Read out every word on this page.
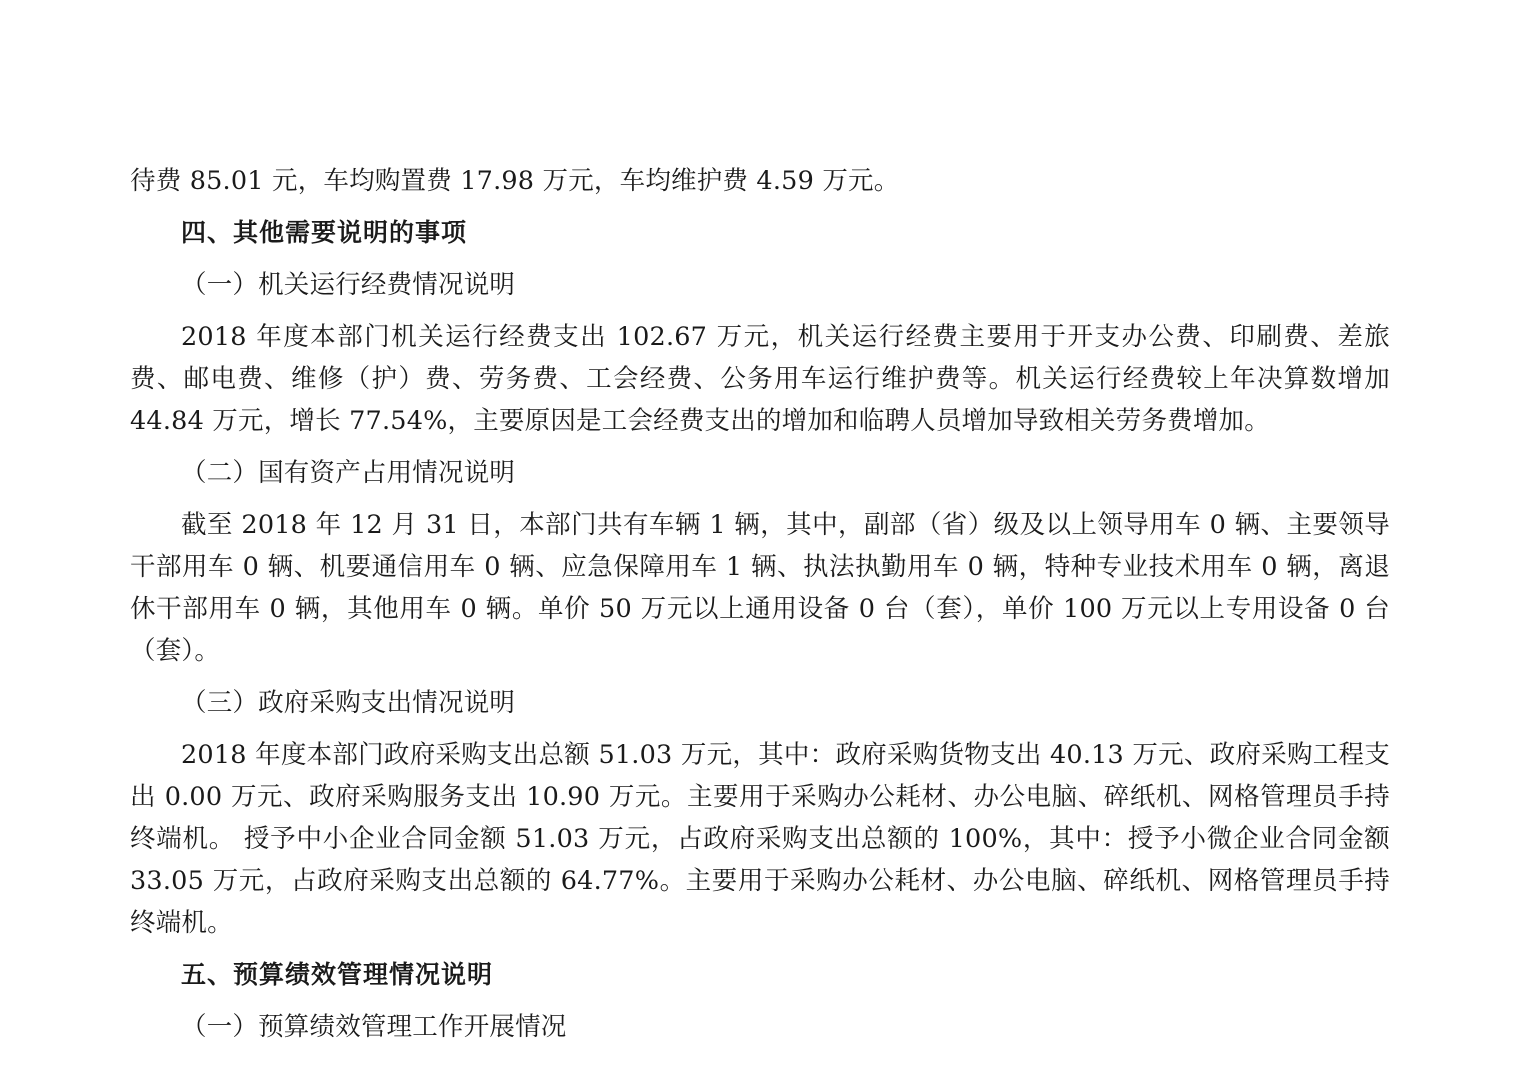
待费 85.01 元，车均购置费 17.98 万元，车均维护费 4.59 万元。

四、其他需要说明的事项

（一）机关运行经费情况说明

2018 年度本部门机关运行经费支出 102.67 万元，机关运行经费主要用于开支办公费、印刷费、差旅费、邮电费、维修（护）费、劳务费、工会经费、公务用车运行维护费等。机关运行经费较上年决算数增加 44.84 万元，增长 77.54%，主要原因是工会经费支出的增加和临聘人员增加导致相关劳务费增加。

（二）国有资产占用情况说明

截至 2018 年 12 月 31 日，本部门共有车辆 1 辆，其中，副部（省）级及以上领导用车 0 辆、主要领导干部用车 0 辆、机要通信用车 0 辆、应急保障用车 1 辆、执法执勤用车 0 辆，特种专业技术用车 0 辆，离退休干部用车 0 辆，其他用车 0 辆。单价 50 万元以上通用设备 0 台（套），单价 100 万元以上专用设备 0 台（套）。

（三）政府采购支出情况说明

2018 年度本部门政府采购支出总额 51.03 万元，其中：政府采购货物支出 40.13 万元、政府采购工程支出 0.00 万元、政府采购服务支出 10.90 万元。主要用于采购办公耗材、办公电脑、碎纸机、网格管理员手持终端机。 授予中小企业合同金额 51.03 万元，占政府采购支出总额的 100%，其中：授予小微企业合同金额 33.05 万元，占政府采购支出总额的 64.77%。主要用于采购办公耗材、办公电脑、碎纸机、网格管理员手持终端机。

五、预算绩效管理情况说明

（一）预算绩效管理工作开展情况
